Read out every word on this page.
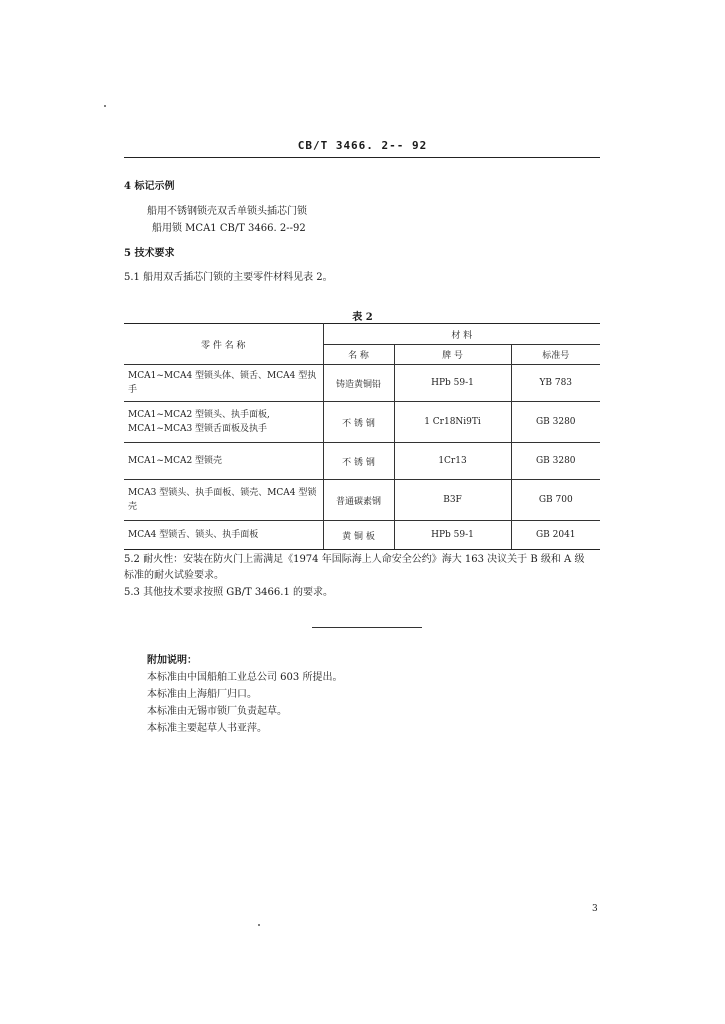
CB/T 3466. 2-- 92
4 标记示例
船用不锈钢锁壳双舌单锁头插芯门锁
船用锁 MCA1 CB/T 3466. 2--92
5 技术要求
5.1 船用双舌插芯门锁的主要零件材料见表 2。
表 2
零 件 名 称	材 料		
	名 称	牌 号	标准号
MCA1~MCA4 型锁头体、锁舌、MCA4 型执
手	铸造黄铜铅	HPb 59-1	YB 783
MCA1~MCA2 型锁头、执手面板,
MCA1~MCA3 型锁舌面板及执手	不 锈 钢	1 Cr18Ni9Ti	GB 3280
MCA1~MCA2 型锁壳	不 锈 钢	1Cr13	GB 3280
MCA3 型锁头、执手面板、锁壳、MCA4 型锁
壳	普通碳素钢	B3F	GB 700
MCA4 型锁舌、锁头、执手面板	黄 铜 板	HPb 59-1	GB 2041
5.2 耐火性：安装在防火门上需满足《1974 年国际海上人命安全公约》海大 163 决议关于 B 级和 A 级
标准的耐火试验要求。
5.3 其他技术要求按照 GB/T 3466.1 的要求。
附加说明：
本标准由中国船舶工业总公司 603 所提出。
本标准由上海船厂归口。
本标准由无锡市锁厂负责起草。
本标准主要起草人书亚萍。
3
